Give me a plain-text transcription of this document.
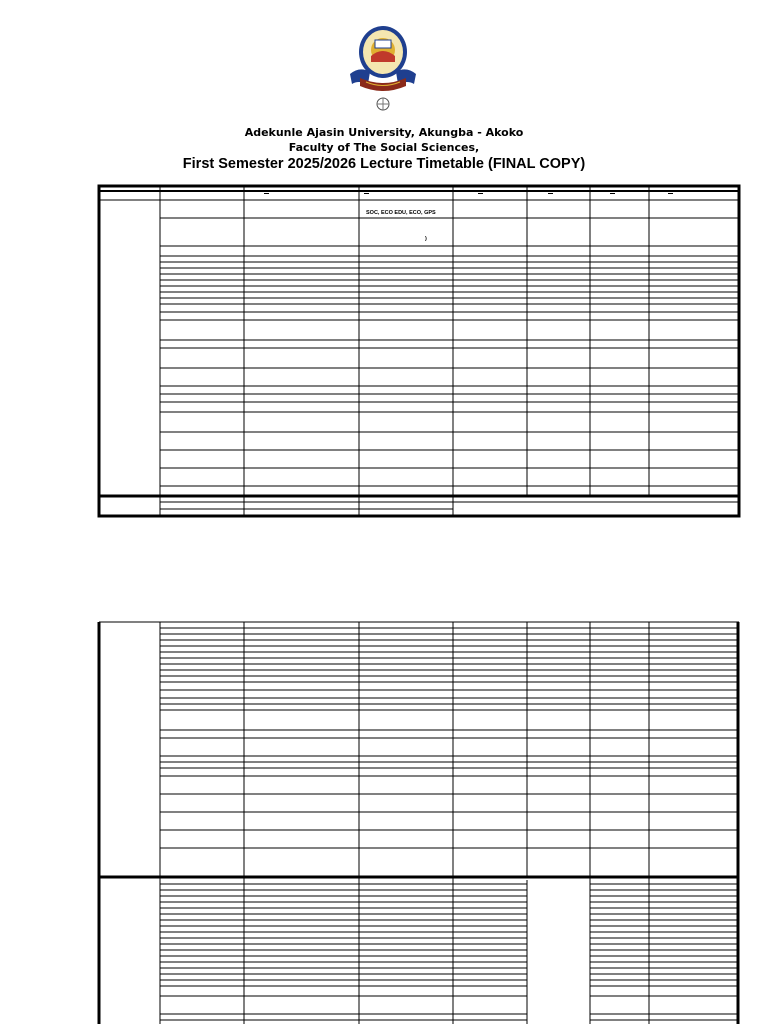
Adekunle Ajasin University, Akungba - Akoko
Faculty of The Social Sciences,
First Semester 2025/2026 Lecture Timetable (FINAL COPY)
SOC, ECO EDU, ECO, GPS
)
